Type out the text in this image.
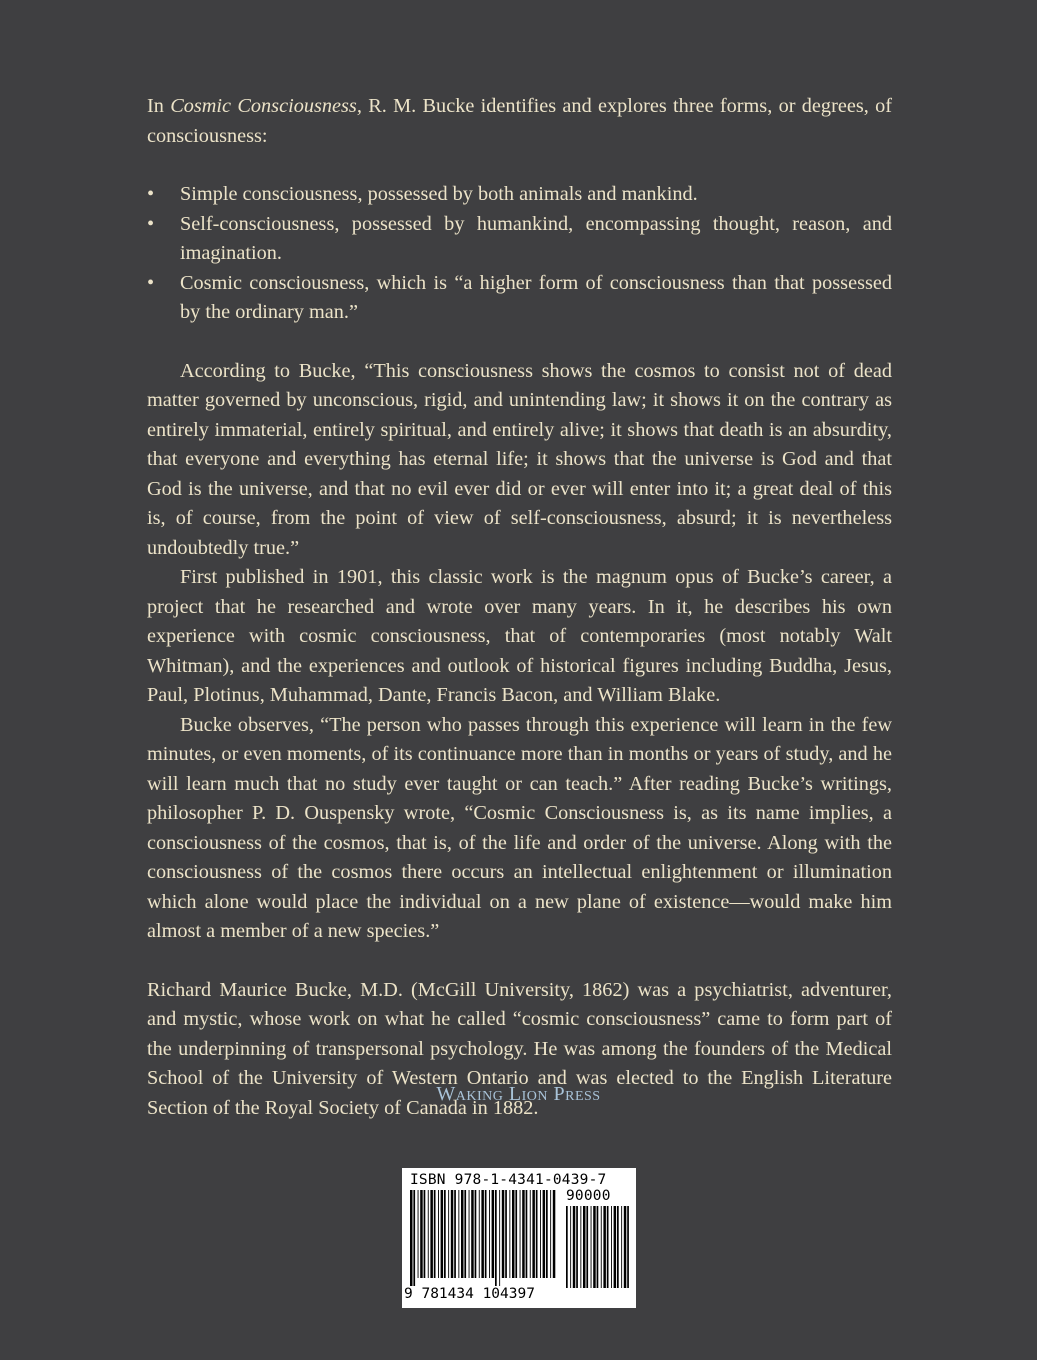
In Cosmic Consciousness, R. M. Bucke identifies and explores three forms, or degrees, of consciousness:

• Simple consciousness, possessed by both animals and mankind.
• Self-consciousness, possessed by humankind, encompassing thought, reason, and imagination.
• Cosmic consciousness, which is “a higher form of consciousness than that possessed by the ordinary man.”

According to Bucke, “This consciousness shows the cosmos to consist not of dead matter governed by unconscious, rigid, and unintending law; it shows it on the contrary as entirely immaterial, entirely spiritual, and entirely alive; it shows that death is an absurdity, that everyone and everything has eternal life; it shows that the universe is God and that God is the universe, and that no evil ever did or ever will enter into it; a great deal of this is, of course, from the point of view of self-consciousness, absurd; it is nevertheless undoubtedly true.”

First published in 1901, this classic work is the magnum opus of Bucke’s career, a project that he researched and wrote over many years. In it, he describes his own experience with cosmic consciousness, that of contemporaries (most notably Walt Whitman), and the experiences and outlook of historical figures including Buddha, Jesus, Paul, Plotinus, Muhammad, Dante, Francis Bacon, and William Blake.

Bucke observes, “The person who passes through this experience will learn in the few minutes, or even moments, of its continuance more than in months or years of study, and he will learn much that no study ever taught or can teach.” After reading Bucke’s writings, philosopher P. D. Ouspensky wrote, “Cosmic Consciousness is, as its name implies, a consciousness of the cosmos, that is, of the life and order of the universe. Along with the consciousness of the cosmos there occurs an intellectual enlightenment or illumination which alone would place the individual on a new plane of existence—would make him almost a member of a new species.”

Richard Maurice Bucke, M.D. (McGill University, 1862) was a psychiatrist, adventurer, and mystic, whose work on what he called “cosmic consciousness” came to form part of the underpinning of transpersonal psychology. He was among the founders of the Medical School of the University of Western Ontario and was elected to the English Literature Section of the Royal Society of Canada in 1882.

Waking Lion Press
ISBN 978-1-4341-0439-7
90000
9 781434 104397
